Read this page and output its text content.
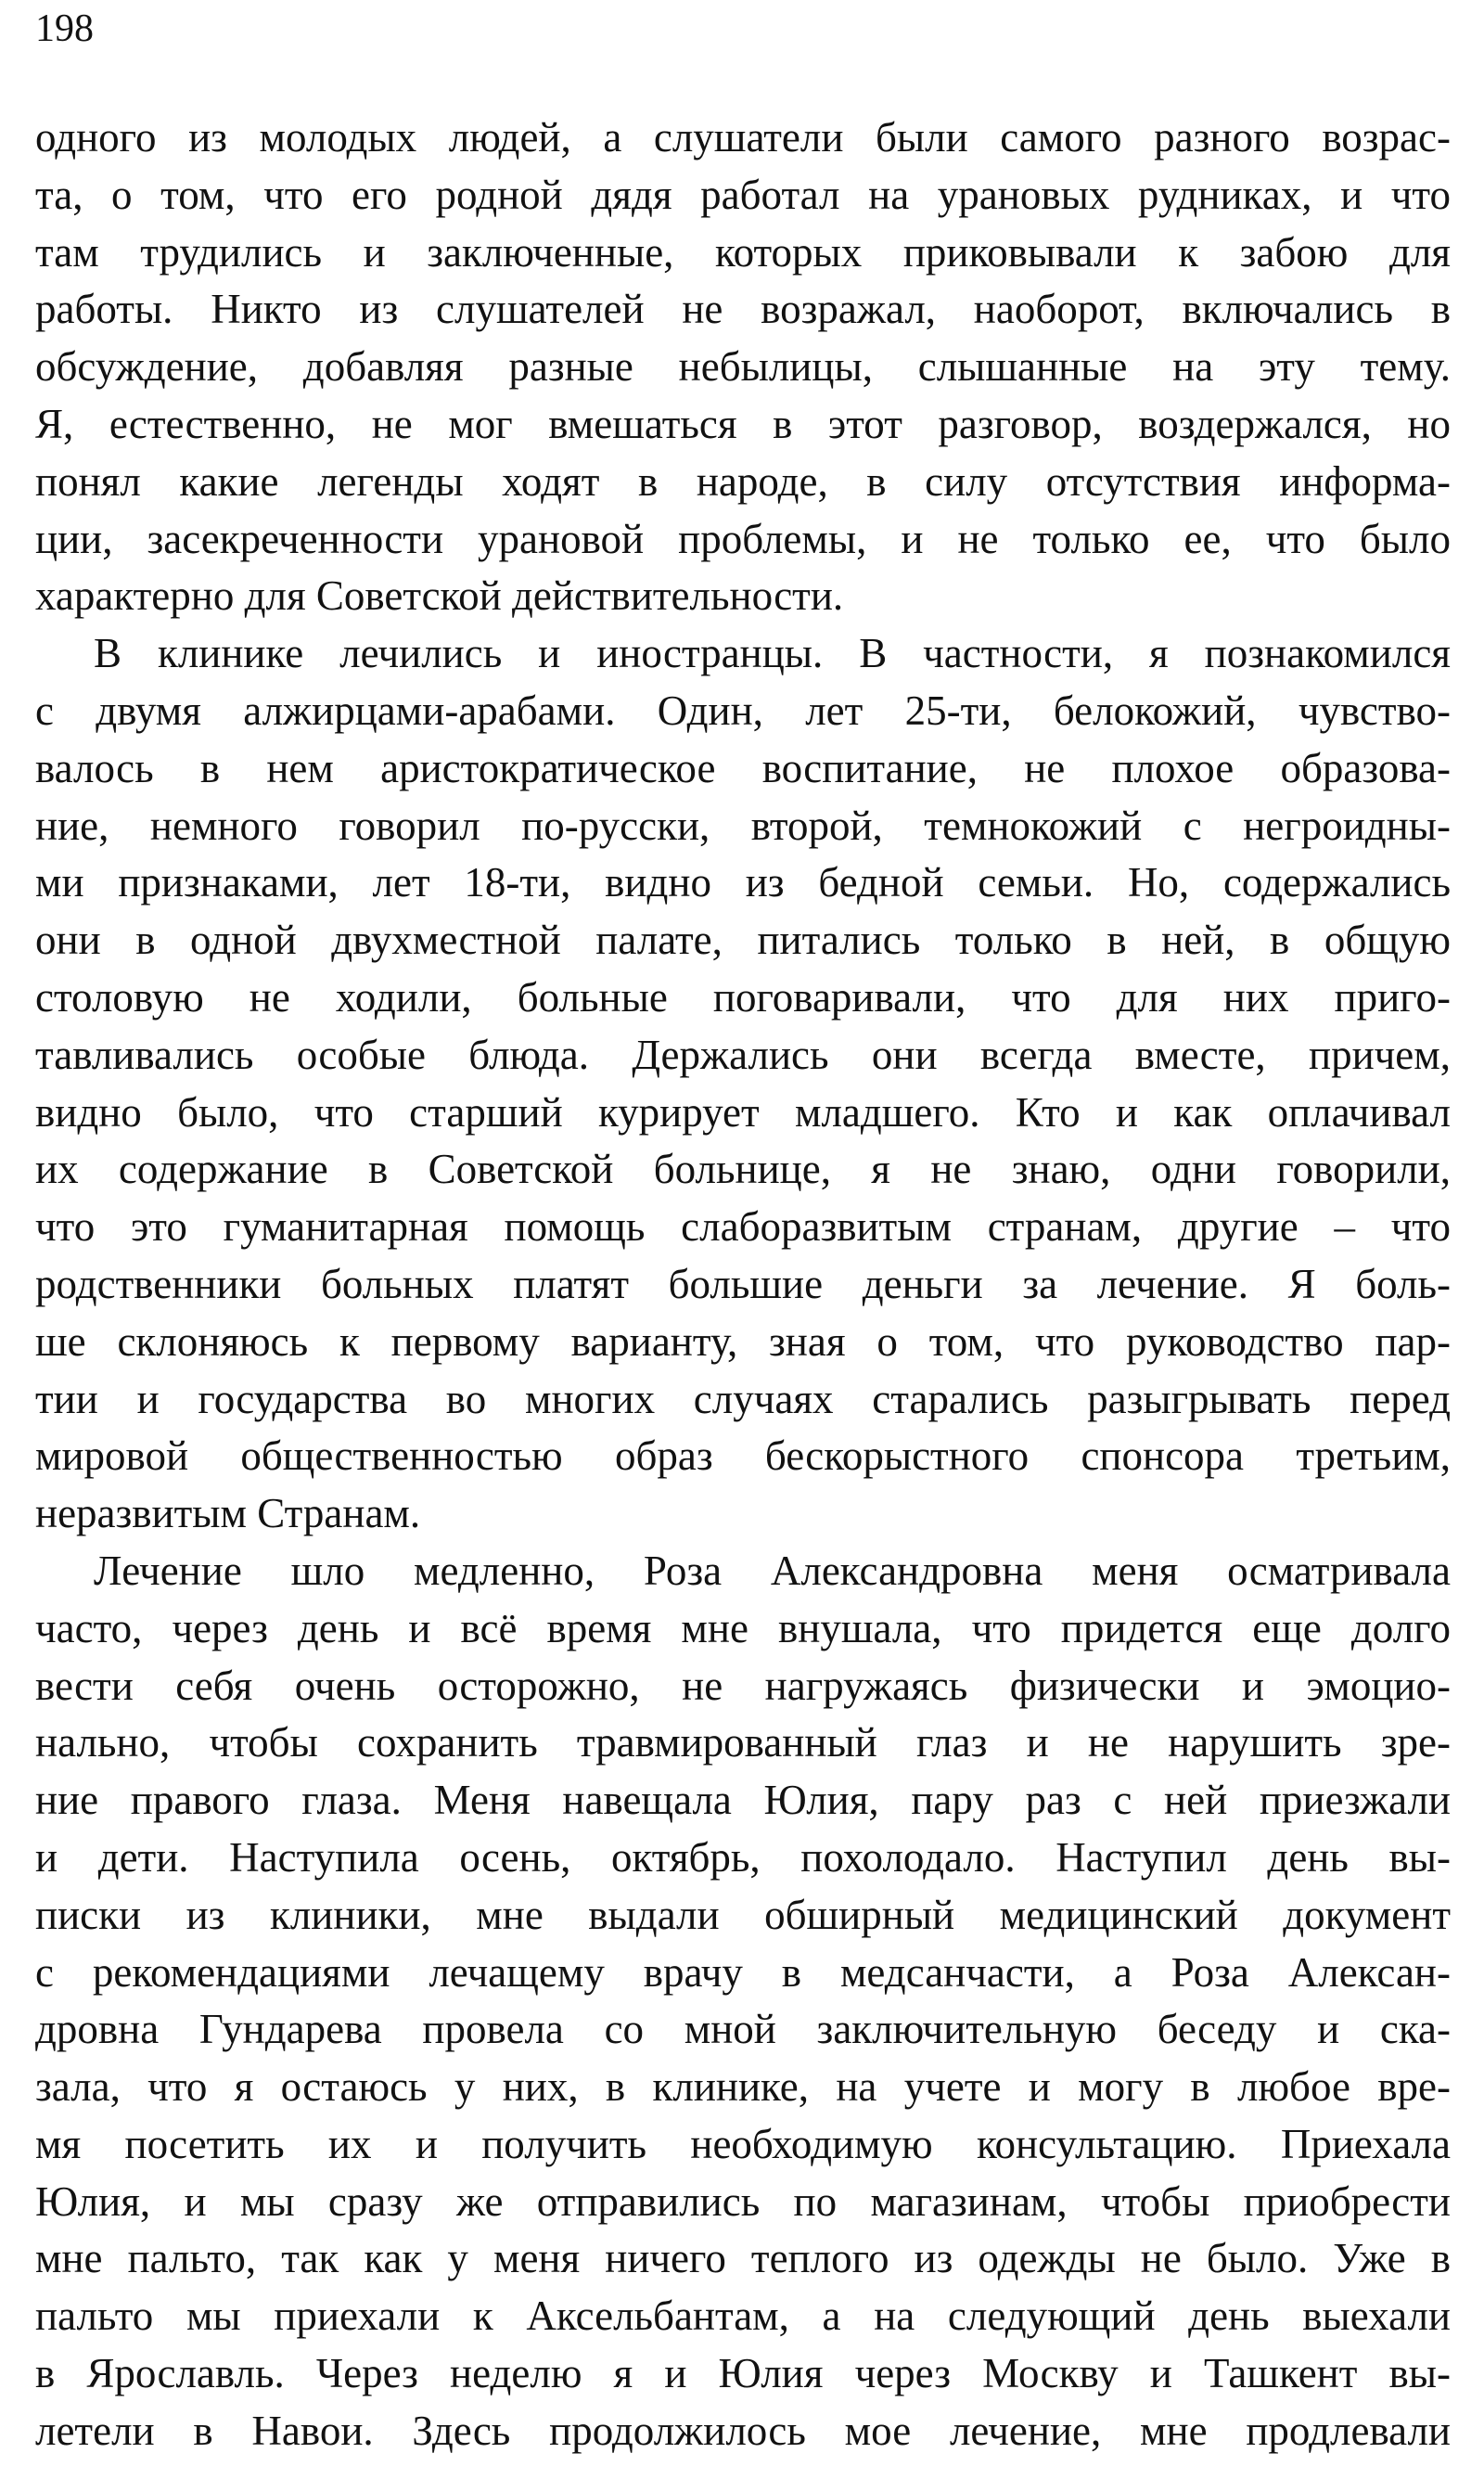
198
одного из молодых людей, а слушатели были самого разного возрас-
та, о том, что его родной дядя работал на урановых рудниках, и что
там трудились и заключенные, которых приковывали к забою для
работы. Никто из слушателей не возражал, наоборот, включались в
обсуждение, добавляя разные небылицы, слышанные на эту тему.
Я, естественно, не мог вмешаться в этот разговор, воздержался, но
понял какие легенды ходят в народе, в силу отсутствия информа-
ции, засекреченности урановой проблемы, и не только ее, что было
характерно для Советской действительности.
В клинике лечились и иностранцы. В частности, я познакомился
с двумя алжирцами-арабами. Один, лет 25-ти, белокожий, чувство-
валось в нем аристократическое воспитание, не плохое образова-
ние, немного говорил по-русски, второй, темнокожий с негроидны-
ми признаками, лет 18-ти, видно из бедной семьи. Но, содержались
они в одной двухместной палате, питались только в ней, в общую
столовую не ходили, больные поговаривали, что для них приго-
тавливались особые блюда. Держались они всегда вместе, причем,
видно было, что старший курирует младшего. Кто и как оплачивал
их содержание в Советской больнице, я не знаю, одни говорили,
что это гуманитарная помощь слаборазвитым странам, другие – что
родственники больных платят большие деньги за лечение. Я боль-
ше склоняюсь к первому варианту, зная о том, что руководство пар-
тии и государства во многих случаях старались разыгрывать перед
мировой общественностью образ бескорыстного спонсора третьим,
неразвитым Странам.
Лечение шло медленно, Роза Александровна меня осматривала
часто, через день и всё время мне внушала, что придется еще долго
вести себя очень осторожно, не нагружаясь физически и эмоцио-
нально, чтобы сохранить травмированный глаз и не нарушить зре-
ние правого глаза. Меня навещала Юлия, пару раз с ней приезжали
и дети. Наступила осень, октябрь, похолодало. Наступил день вы-
писки из клиники, мне выдали обширный медицинский документ
с рекомендациями лечащему врачу в медсанчасти, а Роза Алексан-
дровна Гундарева провела со мной заключительную беседу и ска-
зала, что я остаюсь у них, в клинике, на учете и могу в любое вре-
мя посетить их и получить необходимую консультацию. Приехала
Юлия, и мы сразу же отправились по магазинам, чтобы приобрести
мне пальто, так как у меня ничего теплого из одежды не было. Уже в
пальто мы приехали к Аксельбантам, а на следующий день выехали
в Ярославль. Через неделю я и Юлия через Москву и Ташкент вы-
летели в Навои. Здесь продолжилось мое лечение, мне продлевали
